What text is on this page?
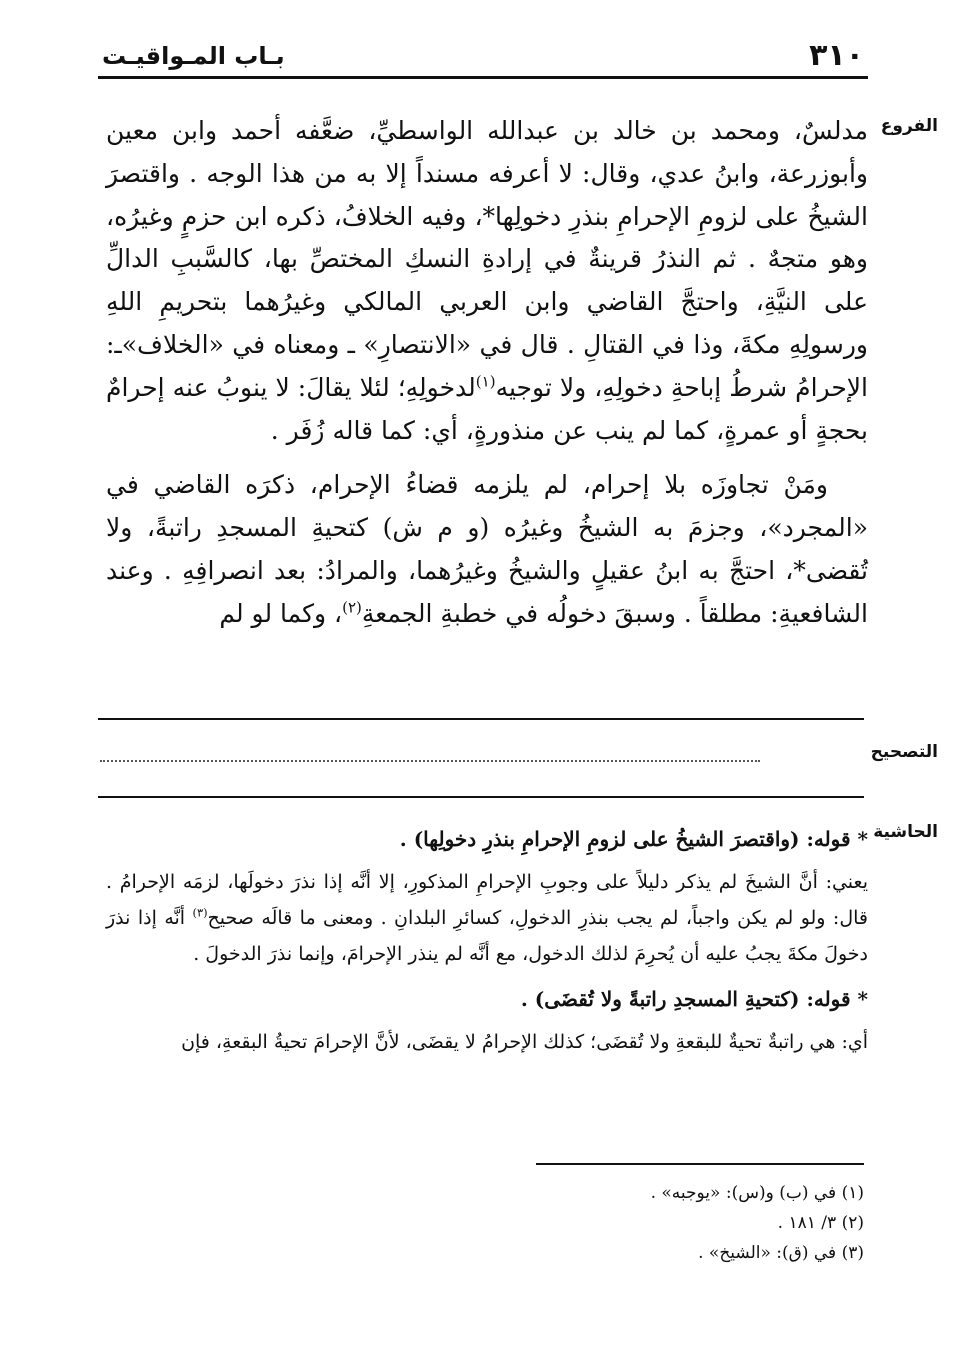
٣١٠
بـاب المـواقيـت
الفروع
التصحيح
الحاشية

مدلسٌ، ومحمد بن خالد بن عبدالله الواسطيِّ، ضعَّفه أحمد وابن معين وأبوزرعة، وابنُ عدي، وقال: لا أعرفه مسنداً إلا به من هذا الوجه . واقتصرَ الشيخُ على لزومِ الإحرامِ بنذرِ دخولِها*، وفيه الخلافُ، ذكره ابن حزمٍ وغيرُه، وهو متجهٌ . ثم النذرُ قرينةٌ في إرادةِ النسكِ المختصِّ بها، كالسَّببِ الدالِّ على النيَّةِ، واحتجَّ القاضي وابن العربي المالكي وغيرُهما بتحريمِ اللهِ ورسولِهِ مكةَ، وذا في القتالِ . قال في «الانتصارِ» ـ ومعناه في «الخلاف»ـ: الإحرامُ شرطُ إباحةِ دخولِهِ، ولا توجيه$^{(١)}$لدخولِهِ؛ لئلا يقالَ: لا ينوبُ عنه إحرامٌ بحجةٍ أو عمرةٍ، كما لم ينب عن منذورةٍ، أي: كما قاله زُفَر .

ومَنْ تجاوزَه بلا إحرام، لم يلزمه قضاءُ الإحرام، ذكرَه القاضي في «المجرد»، وجزمَ به الشيخُ وغيرُه (و م ش) كتحيةِ المسجدِ راتبةً، ولا تُقضى*، احتجَّ به ابنُ عقيلٍ والشيخُ وغيرُهما، والمرادُ: بعد انصرافِهِ . وعند الشافعيةِ: مطلقاً . وسبقَ دخولُه في خطبةِ الجمعةِ$^{(٢)}$، وكما لو لم

* قوله: (واقتصرَ الشيخُ على لزومِ الإحرامِ بنذرِ دخولِها) .

يعني: أنَّ الشيخَ لم يذكر دليلاً على وجوبِ الإحرامِ المذكورِ، إلا أنَّه إذا نذرَ دخولَها، لزمَه الإحرامُ . قال: ولو لم يكن واجباً، لم يجب بنذرِ الدخولِ، كسائرِ البلدانِ . ومعنى ما قالَه صحيح$^{(٣)}$ أنَّه إذا نذرَ دخولَ مكةَ يجبُ عليه أن يُحرِمَ لذلك الدخول، مع أنَّه لم ينذر الإحرامَ، وإنما نذرَ الدخولَ .

* قوله: (كتحيةِ المسجدِ راتبةً ولا تُقضَى) .

أي: هي راتبةٌ تحيةٌ للبقعةِ ولا تُقضَى؛ كذلك الإحرامُ لا يقضَى، لأنَّ الإحرامَ تحيةُ البقعةِ، فإن

(١) في (ب) و(س): «يوجبه» .
(٢) ٣/ ١٨١ .
(٣) في (ق): «الشيخ» .
